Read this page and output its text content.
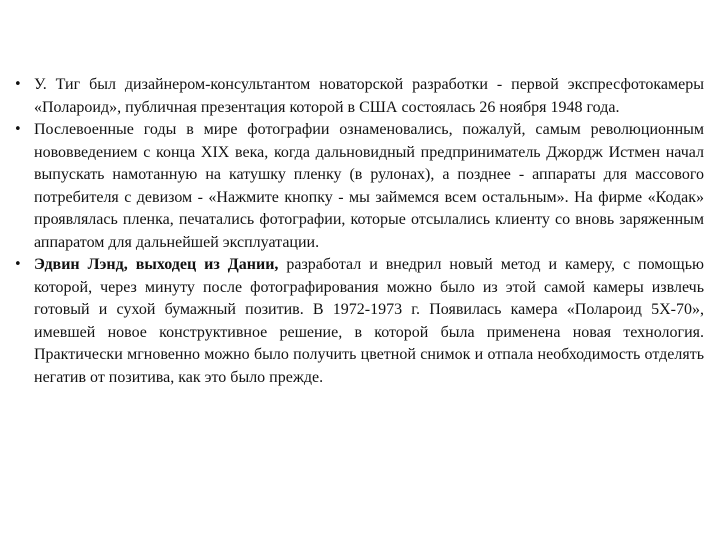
• У. Тиг был дизайнером-консультантом новаторской разработки - первой экспресфотокамеры «Полароид», публичная презентация которой в США состоялась 26 ноября 1948 года.
• Послевоенные годы в мире фотографии ознаменовались, пожалуй, самым революционным нововведением с конца XIX века, когда дальновидный предприниматель Джордж Истмен начал выпускать намотанную на катушку пленку (в рулонах), а позднее - аппараты для массового потребителя с девизом - «Нажмите кнопку - мы займемся всем остальным». На фирме «Кодак» проявлялась пленка, печатались фотографии, которые отсылались клиенту со вновь заряженным аппаратом для дальнейшей эксплуатации.
• Эдвин Лэнд, выходец из Дании, разработал и внедрил новый метод и камеру, с помощью которой, через минуту после фотографирования можно было из этой самой камеры извлечь готовый и сухой бумажный позитив. В 1972-1973 г. Появилась камера «Полароид 5Х-70», имевшей новое конструктивное решение, в которой была применена новая технология. Практически мгновенно можно было получить цветной снимок и отпала необходимость отделять негатив от позитива, как это было прежде.
